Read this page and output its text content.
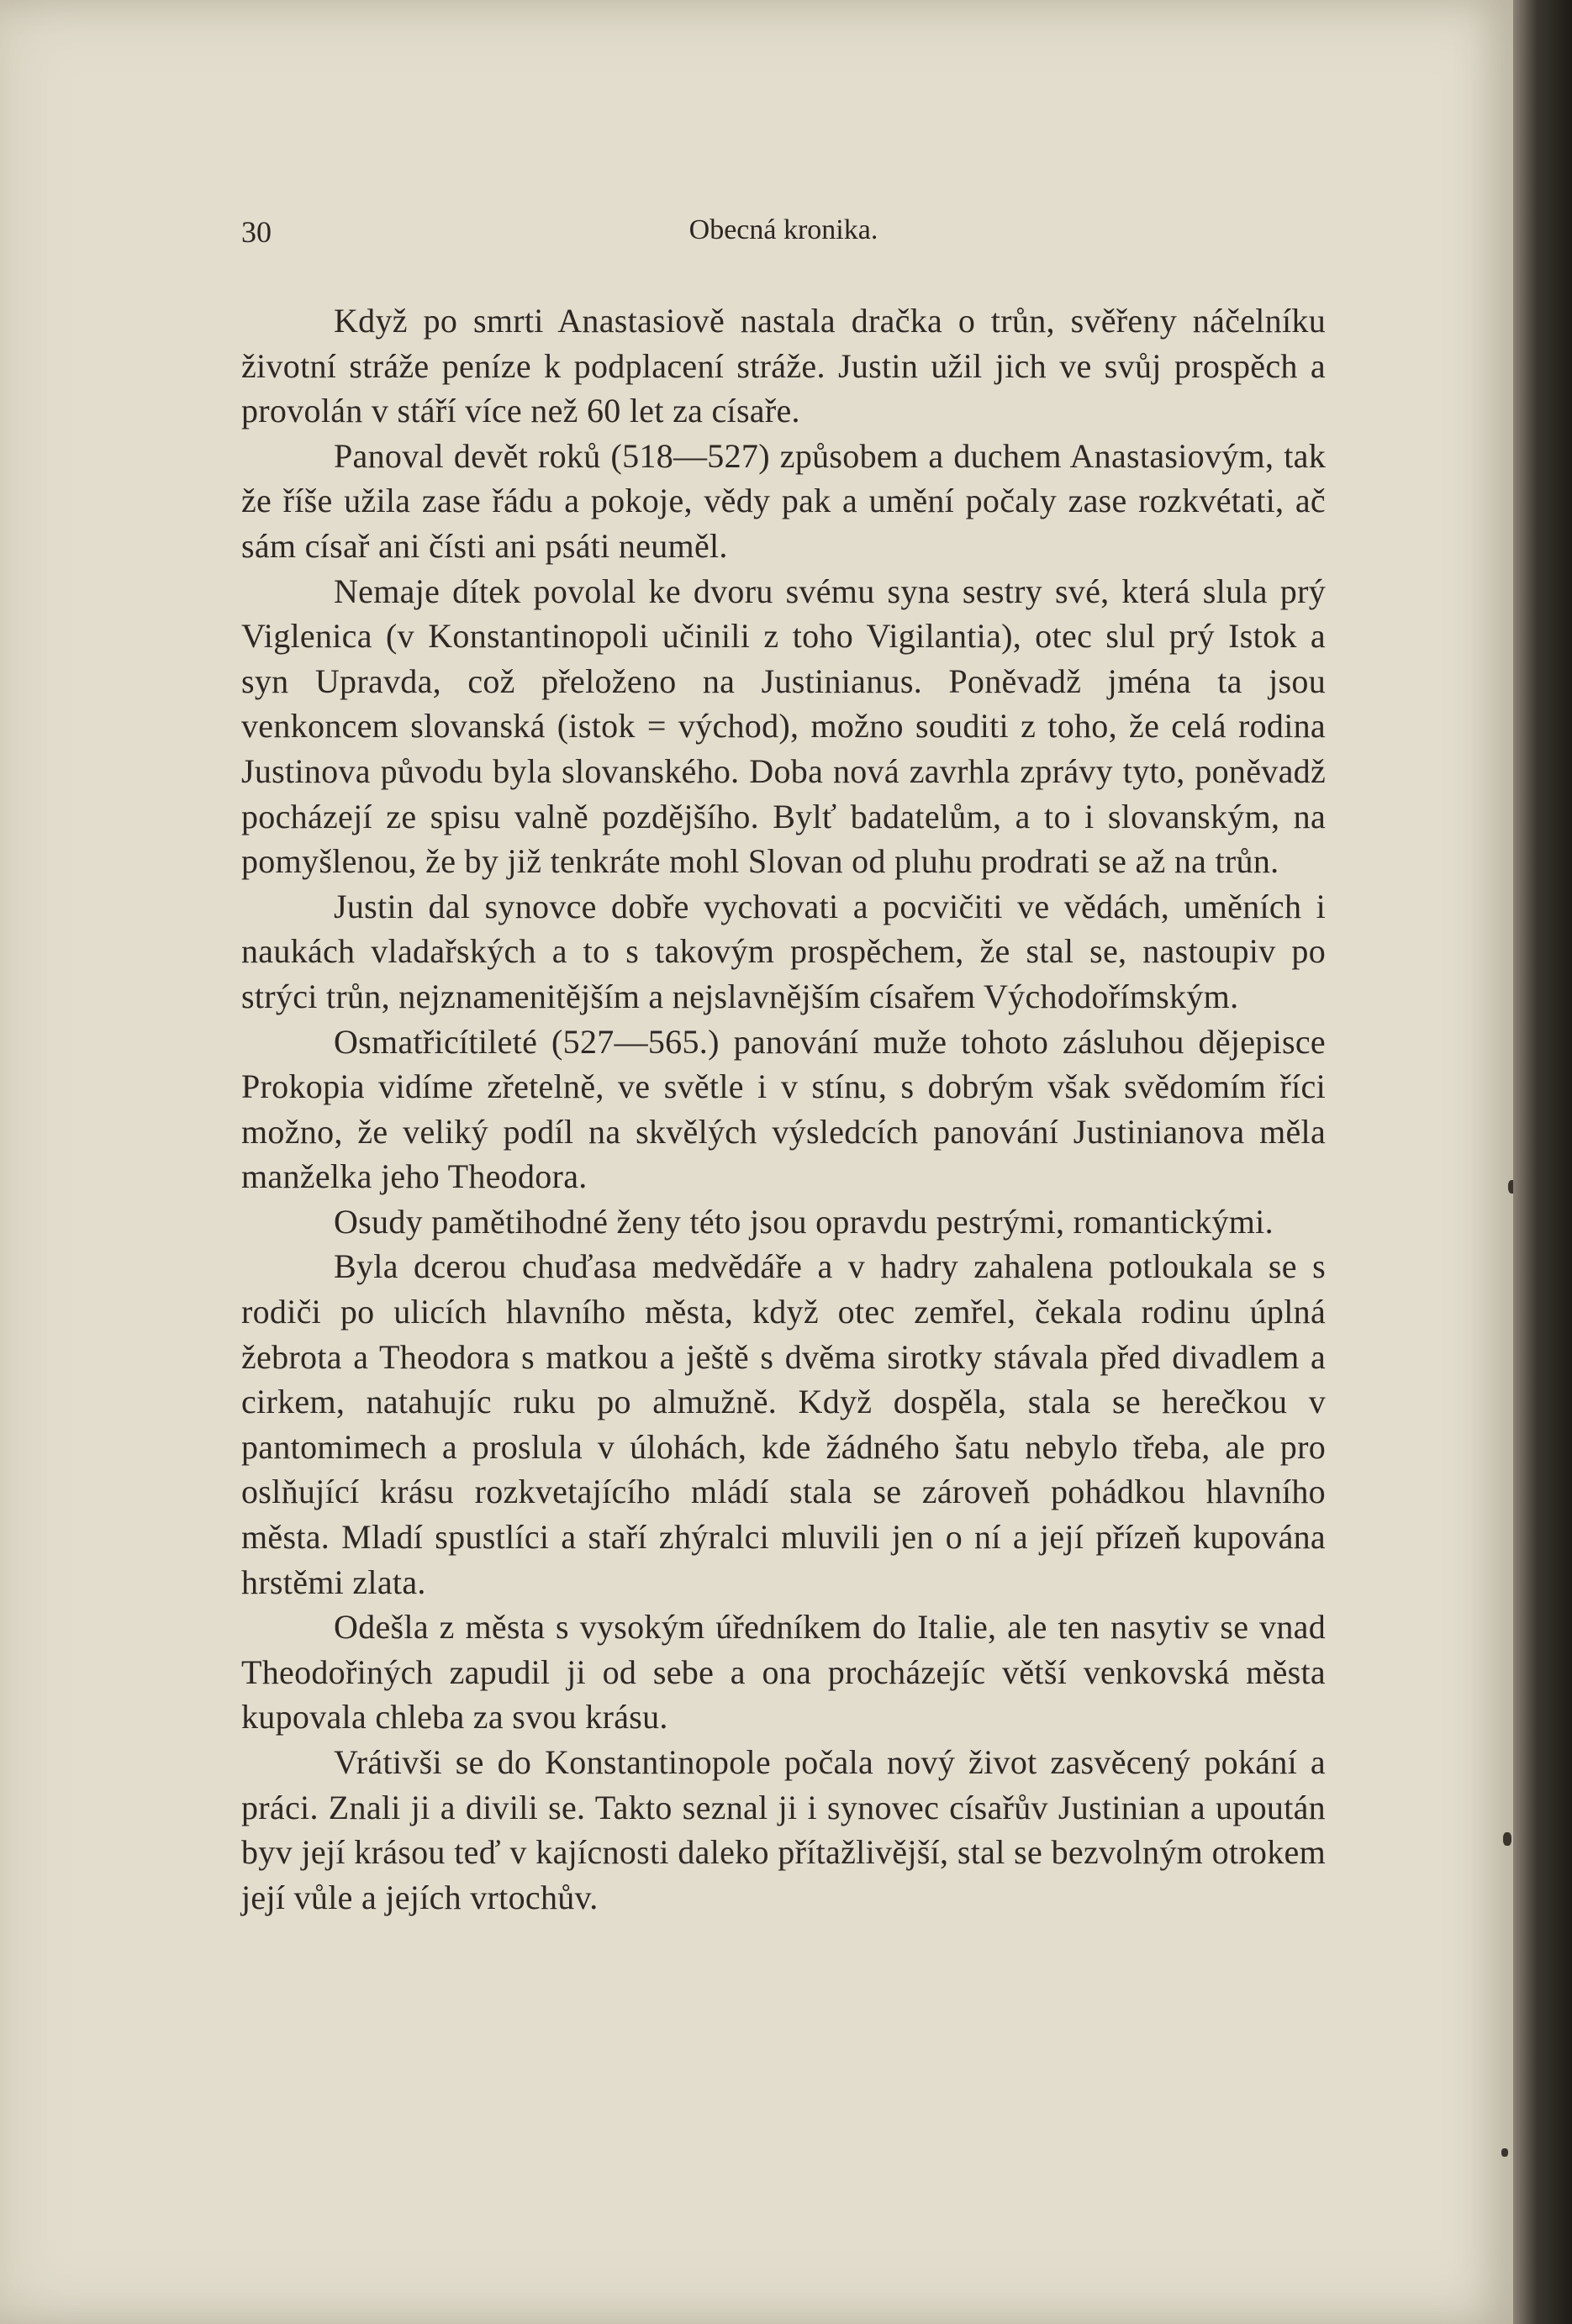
30	Obecná kronika.

Když po smrti Anastasiově nastala dračka o trůn, svěřeny náčelníku životní stráže peníze k podplacení stráže. Justin užil jich ve svůj prospěch a provolán v stáří více než 60 let za císaře.

Panoval devět roků (518—527) způsobem a duchem Anastasiovým, tak že říše užila zase řádu a pokoje, vědy pak a umění počaly zase rozkvétati, ač sám císař ani čísti ani psáti neuměl.

Nemaje dítek povolal ke dvoru svému syna sestry své, která slula prý Viglenica (v Konstantinopoli učinili z toho Vigilantia), otec slul prý Istok a syn Upravda, což přeloženo na Justinianus. Poněvadž jména ta jsou venkoncem slovanská (istok = východ), možno souditi z toho, že celá rodina Justinova původu byla slovanského. Doba nová zavrhla zprávy tyto, poněvadž pocházejí ze spisu valně pozdějšího. Bylť badatelům, a to i slovanským, na pomyšlenou, že by již tenkráte mohl Slovan od pluhu prodrati se až na trůn.

Justin dal synovce dobře vychovati a pocvičiti ve vědách, uměních i naukách vladařských a to s takovým prospěchem, že stal se, nastoupiv po strýci trůn, nejznamenitějším a nejslavnějším císařem Východořímským.

Osmatřicítileté (527—565.) panování muže tohoto zásluhou dějepisce Prokopia vidíme zřetelně, ve světle i v stínu, s dobrým však svědomím říci možno, že veliký podíl na skvělých výsledcích panování Justinianova měla manželka jeho Theodora.

Osudy pamětihodné ženy této jsou opravdu pestrými, romantickými.

Byla dcerou chuďasa medvědáře a v hadry zahalena potloukala se s rodiči po ulicích hlavního města, když otec zemřel, čekala rodinu úplná žebrota a Theodora s matkou a ještě s dvěma sirotky stávala před divadlem a cirkem, natahujíc ruku po almužně. Když dospěla, stala se herečkou v pantomimech a proslula v úlohách, kde žádného šatu nebylo třeba, ale pro oslňující krásu rozkvetajícího mládí stala se zároveň pohádkou hlavního města. Mladí spustlíci a staří zhýralci mluvili jen o ní a její přízeň kupována hrstěmi zlata.

Odešla z města s vysokým úředníkem do Italie, ale ten nasytiv se vnad Theodořiných zapudil ji od sebe a ona procházejíc větší venkovská města kupovala chleba za svou krásu.

Vrátivši se do Konstantinopole počala nový život zasvěcený pokání a práci. Znali ji a divili se. Takto seznal ji i synovec císařův Justinian a upoután byv její krásou teď v kajícnosti daleko přítažlivější, stal se bezvolným otrokem její vůle a jejích vrtochův.
